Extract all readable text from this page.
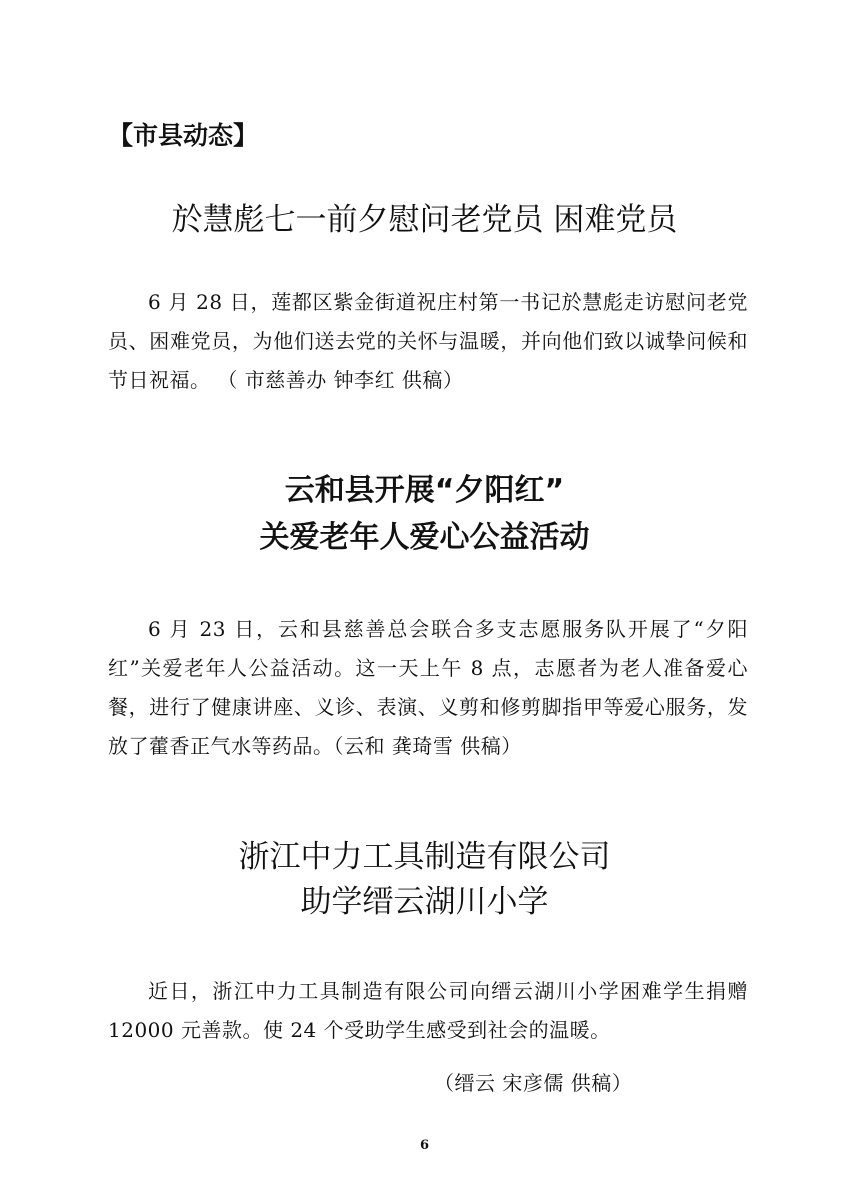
【市县动态】
於慧彪七一前夕慰问老党员 困难党员

6 月 28 日，莲都区紫金街道祝庄村第一书记於慧彪走访慰问老党员、困难党员，为他们送去党的关怀与温暖，并向他们致以诚挚问候和节日祝福。 （ 市慈善办 钟李红 供稿）

云和县开展“夕阳红”
关爱老年人爱心公益活动

6 月 23 日，云和县慈善总会联合多支志愿服务队开展了“夕阳红”关爱老年人公益活动。这一天上午 8 点，志愿者为老人准备爱心餐，进行了健康讲座、义诊、表演、义剪和修剪脚指甲等爱心服务，发放了藿香正气水等药品。（云和 龚琦雪 供稿）

浙江中力工具制造有限公司
助学缙云湖川小学

近日，浙江中力工具制造有限公司向缙云湖川小学困难学生捐赠 12000 元善款。使 24 个受助学生感受到社会的温暖。

（缙云 宋彦儒 供稿）

6
